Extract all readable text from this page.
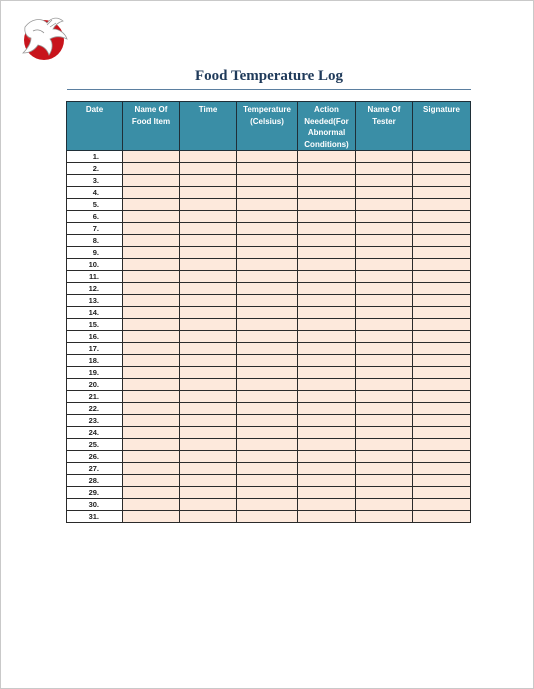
Food Temperature Log
Date	Name Of Food Item	Time	Temperature (Celsius)	Action Needed(For Abnormal Conditions)	Name Of Tester	Signature
1.						
2.						
3.						
4.						
5.						
6.						
7.						
8.						
9.						
10.						
11.						
12.						
13.						
14.						
15.						
16.						
17.						
18.						
19.						
20.						
21.						
22.						
23.						
24.						
25.						
26.						
27.						
28.						
29.						
30.						
31.						
